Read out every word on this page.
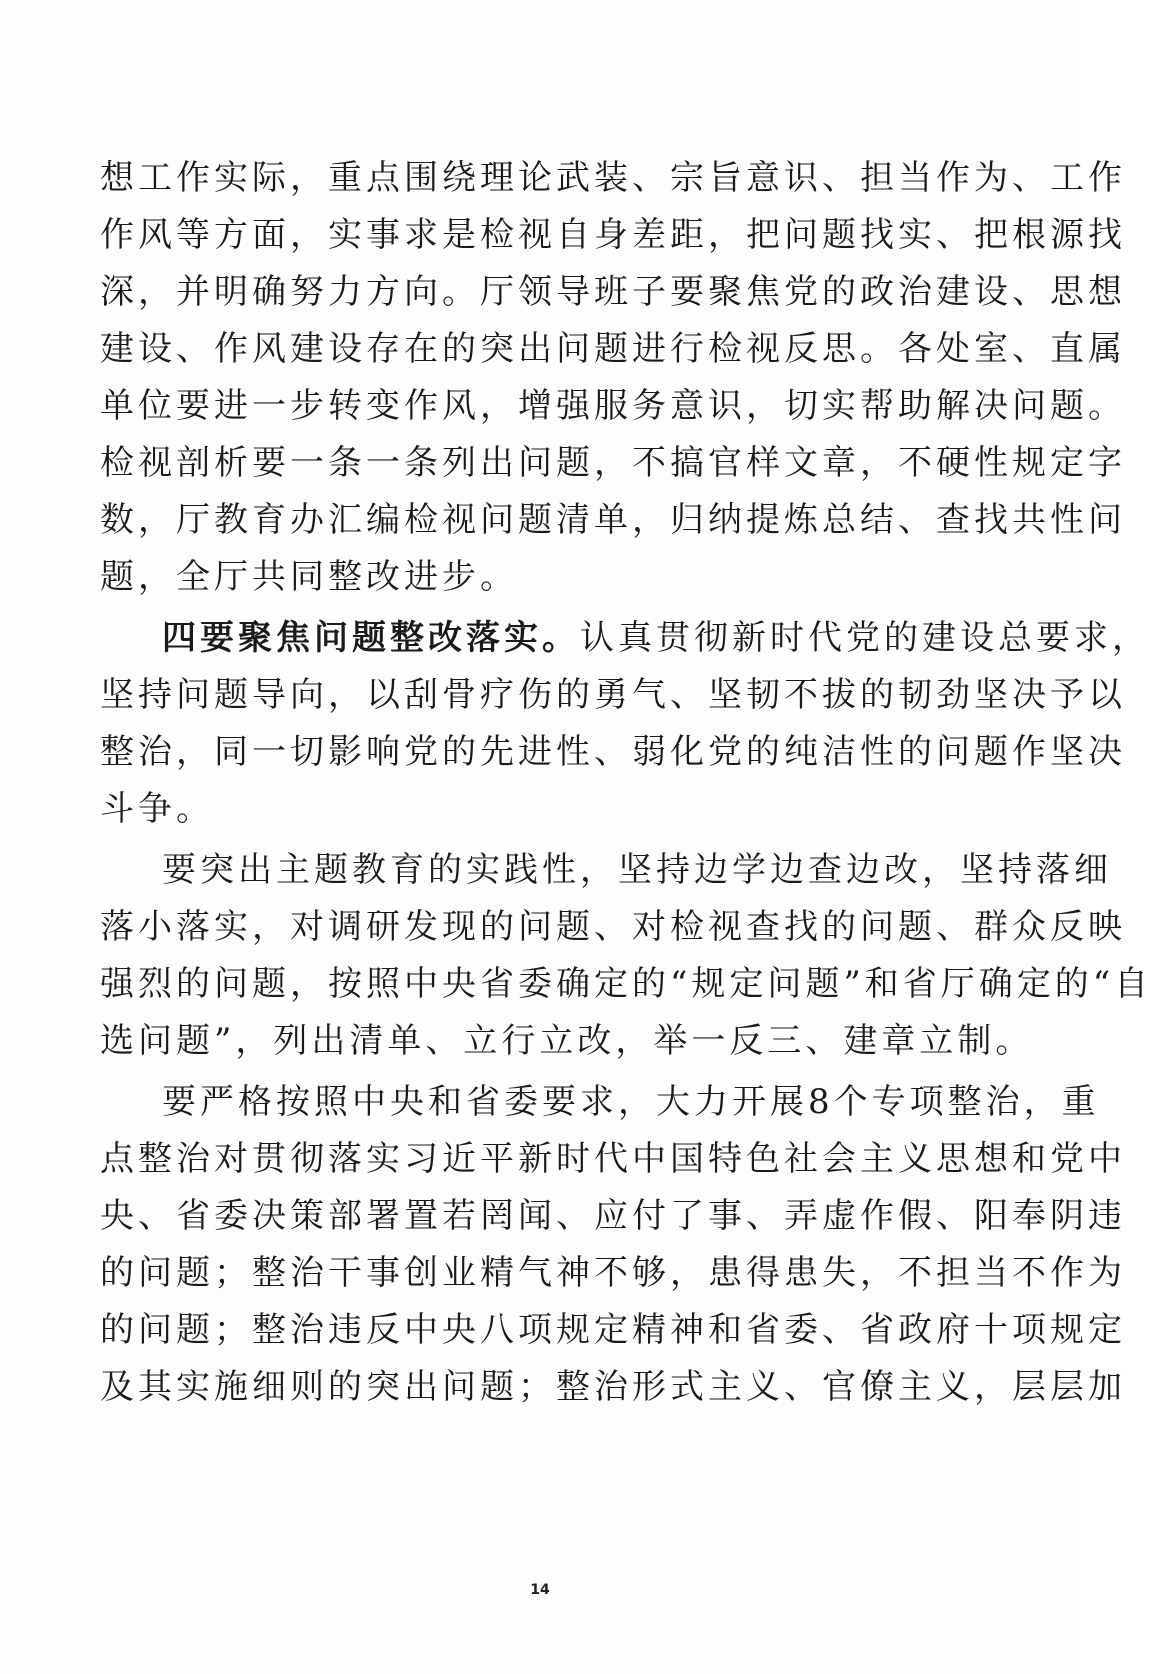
想工作实际，重点围绕理论武装、宗旨意识、担当作为、工作
作风等方面，实事求是检视自身差距，把问题找实、把根源找
深，并明确努力方向。厅领导班子要聚焦党的政治建设、思想
建设、作风建设存在的突出问题进行检视反思。各处室、直属
单位要进一步转变作风，增强服务意识，切实帮助解决问题。
检视剖析要一条一条列出问题，不搞官样文章，不硬性规定字
数，厅教育办汇编检视问题清单，归纳提炼总结、查找共性问
题，全厅共同整改进步。
四要聚焦问题整改落实。认真贯彻新时代党的建设总要求，
坚持问题导向，以刮骨疗伤的勇气、坚韧不拔的韧劲坚决予以
整治，同一切影响党的先进性、弱化党的纯洁性的问题作坚决
斗争。
要突出主题教育的实践性，坚持边学边查边改，坚持落细
落小落实，对调研发现的问题、对检视查找的问题、群众反映
强烈的问题，按照中央省委确定的“规定问题”和省厅确定的“自
选问题”，列出清单、立行立改，举一反三、建章立制。
要严格按照中央和省委要求，大力开展8个专项整治，重
点整治对贯彻落实习近平新时代中国特色社会主义思想和党中
央、省委决策部署置若罔闻、应付了事、弄虚作假、阳奉阴违
的问题；整治干事创业精气神不够，患得患失，不担当不作为
的问题；整治违反中央八项规定精神和省委、省政府十项规定
及其实施细则的突出问题；整治形式主义、官僚主义，层层加
14
